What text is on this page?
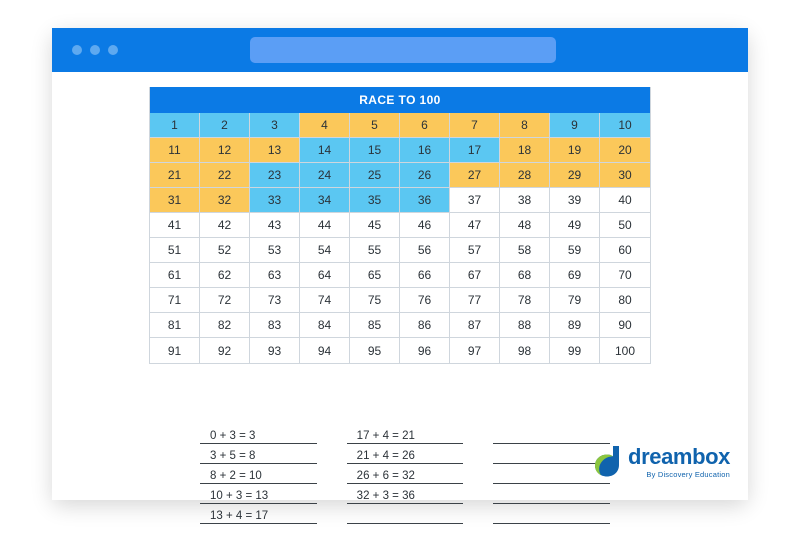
RACE TO 100
1	2	3	4	5	6	7	8	9	10
11	12	13	14	15	16	17	18	19	20
21	22	23	24	25	26	27	28	29	30
31	32	33	34	35	36	37	38	39	40
41	42	43	44	45	46	47	48	49	50
51	52	53	54	55	56	57	58	59	60
61	62	63	64	65	66	67	68	69	70
71	72	73	74	75	76	77	78	79	80
81	82	83	84	85	86	87	88	89	90
91	92	93	94	95	96	97	98	99	100
0 + 3 = 3
3 + 5 = 8
8 + 2 = 10
10 + 3 = 13
13 + 4 = 17
17 + 4 = 21
21 + 4 = 26
26 + 6 = 32
32 + 3 = 36
dreambox
By Discovery Education
